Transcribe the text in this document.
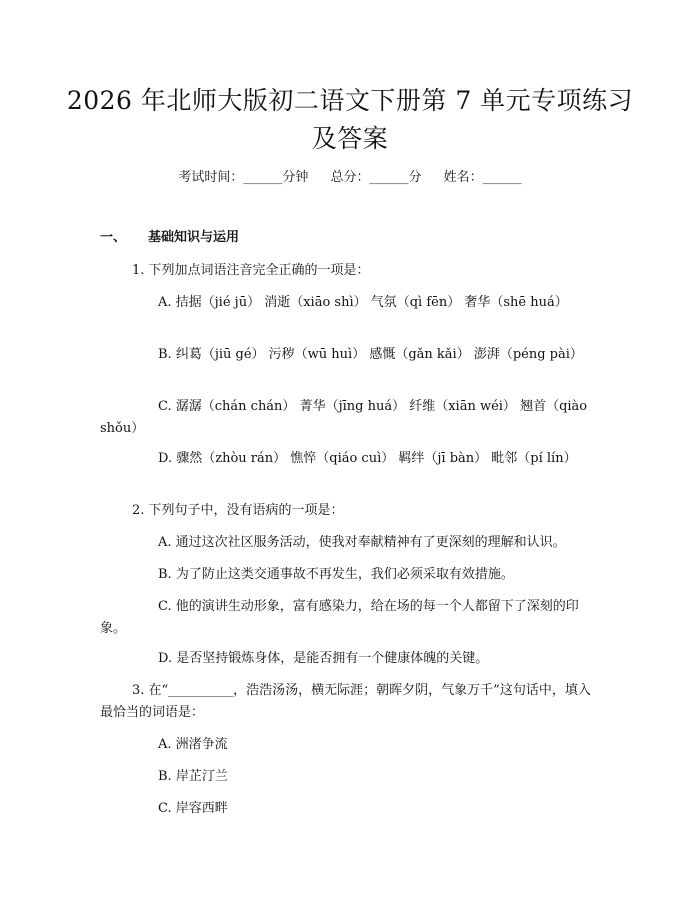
2026 年北师大版初二语文下册第 7 单元专项练习及答案
考试时间：______分钟 总分：______分 姓名：______
一、 基础知识与运用
1. 下列加点词语注音完全正确的一项是：
A. 拮据（jié jū） 消逝（xiāo shì） 气氛（qì fēn） 奢华（shē huá）
B. 纠葛（jiū gé） 污秽（wū huì） 感慨（gǎn kǎi） 澎湃（péng pài）
C. 潺潺（chán chán） 菁华（jīng huá） 纤维（xiān wéi） 翘首（qiào shǒu）
D. 骤然（zhòu rán） 憔悴（qiáo cuì） 羁绊（jī bàn） 毗邻（pí lín）
2. 下列句子中，没有语病的一项是：
A. 通过这次社区服务活动，使我对奉献精神有了更深刻的理解和认识。
B. 为了防止这类交通事故不再发生，我们必须采取有效措施。
C. 他的演讲生动形象，富有感染力，给在场的每一个人都留下了深刻的印象。
D. 是否坚持锻炼身体，是能否拥有一个健康体魄的关键。
3. 在“__________，浩浩汤汤，横无际涯；朝晖夕阴，气象万千”这句话中，填入最恰当的词语是：
A. 洲渚争流
B. 岸芷汀兰
C. 岸容西畔
